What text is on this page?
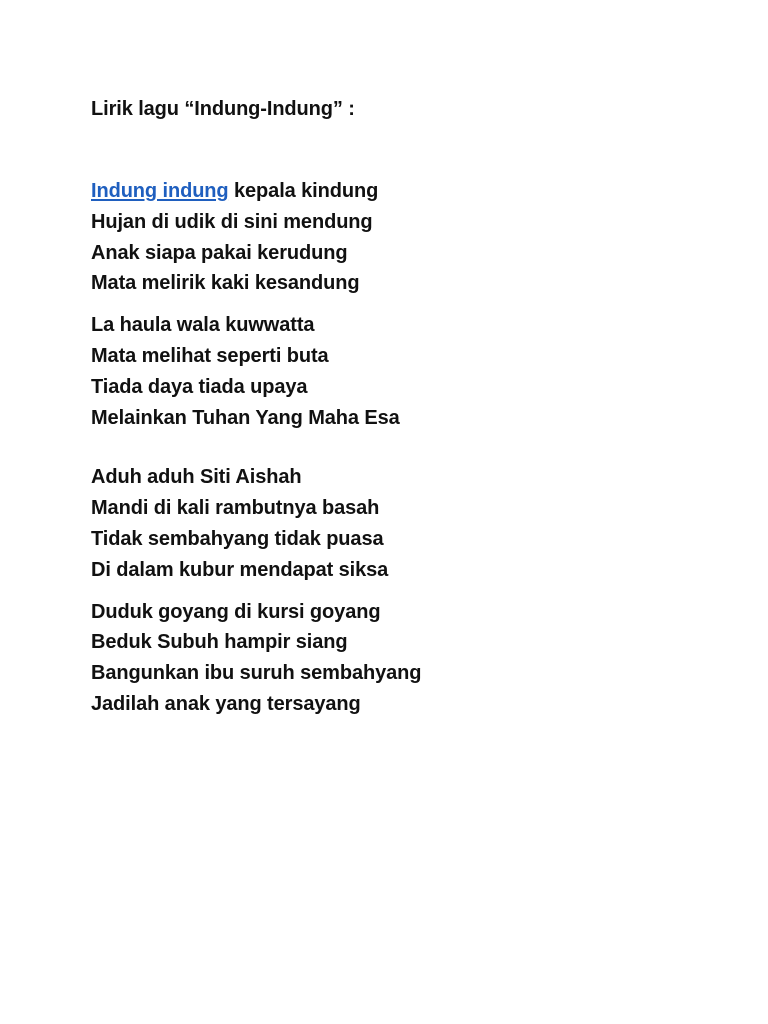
Lirik lagu “Indung-Indung” :

Indung indung kepala kindung
Hujan di udik di sini mendung
Anak siapa pakai kerudung
Mata melirik kaki kesandung
La haula wala kuwwatta
Mata melihat seperti buta
Tiada daya tiada upaya
Melainkan Tuhan Yang Maha Esa
Aduh aduh Siti Aishah
Mandi di kali rambutnya basah
Tidak sembahyang tidak puasa
Di dalam kubur mendapat siksa
Duduk goyang di kursi goyang
Beduk Subuh hampir siang
Bangunkan ibu suruh sembahyang
Jadilah anak yang tersayang
